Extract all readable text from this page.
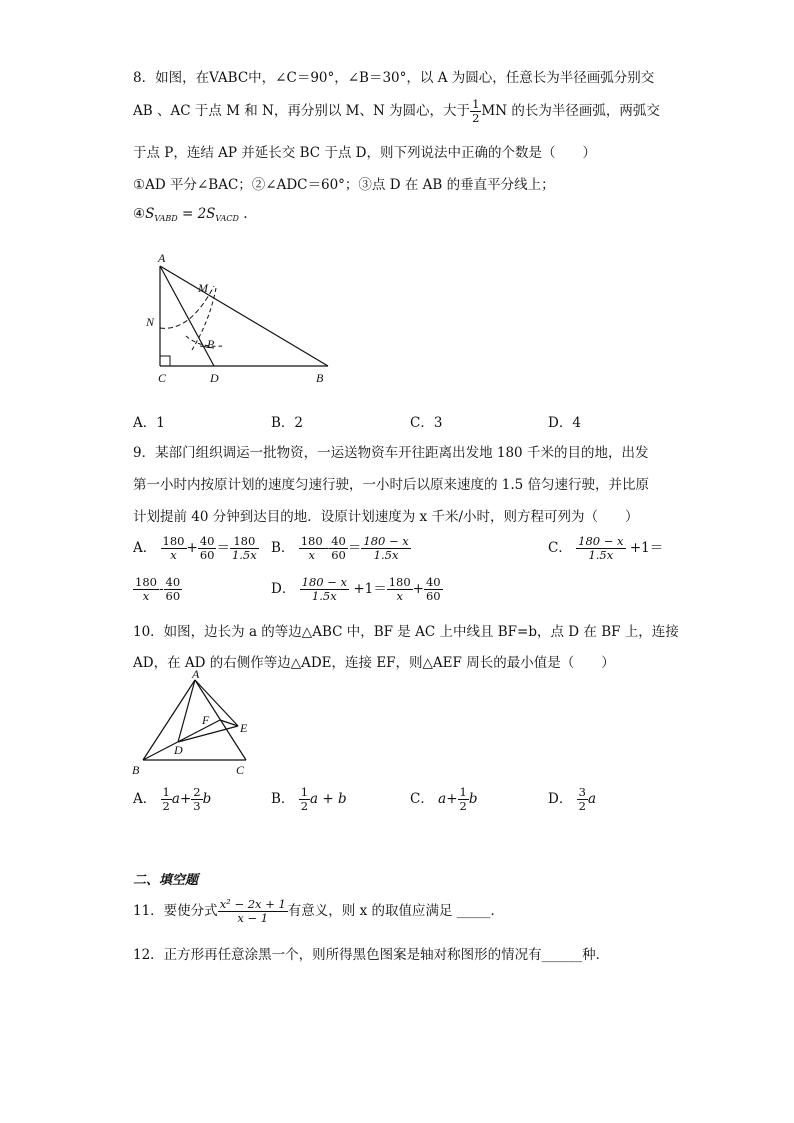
8．如图，在VABC中，∠C＝90°，∠B＝30°，以 A 为圆心，任意长为半径画弧分别交
AB 、AC 于点 M 和 N，再分别以 M、N 为圆心，大于 $\frac{1}{2}$ MN 的长为半径画弧，两弧交
于点 P，连结 AP 并延长交 BC 于点 D，则下列说法中正确的个数是（　　）
①AD 平分∠BAC；②∠ADC＝60°；③点 D 在 AB 的垂直平分线上；
$④S_{VABD} = 2S_{VACD}$ .
A
M
N
P
C	D	B
A．1	B．2	C．3	D．4
9．某部门组织调运一批物资，一运送物资车开往距离出发地 180 千米的目的地，出发
第一小时内按原计划的速度匀速行驶，一小时后以原来速度的 1.5 倍匀速行驶，并比原
计划提前 40 分钟到达目的地．设原计划速度为 x 千米/小时，则方程可列为（　　）
A． $\frac{180}{x} + \frac{40}{60} = \frac{180}{1.5x}$ B． $\frac{180}{x} - \frac{40}{60} = \frac{180 - x}{1.5x}$	C． $\frac{180 - x}{1.5x} +1=$
$\frac{180}{x} - \frac{40}{60}$	D． $\frac{180 - x}{1.5x} +1= \frac{180}{x} + \frac{40}{60}$
10．如图，边长为 a 的等边△ABC 中，BF 是 AC 上中线且 BF=b，点 D 在 BF 上，连接
AD，在 AD 的右侧作等边△ADE，连接 EF，则△AEF 周长的最小值是（　　）
A
F
E
D
B	C
A． $\frac{1}{2} a+ \frac{2}{3}$ b	B． $\frac{1}{2}$ a + b	C． $a+ \frac{1}{2}$ b	D． $\frac{3}{2}$ a
二、填空题
11．要使分式 $\frac{\text{x² − 2x + 1}}{x - 1}$ 有意义，则 x 的取值应满足 _____．
12．正方形再任意涂黑一个，则所得黑色图案是轴对称图形的情况有______种．
